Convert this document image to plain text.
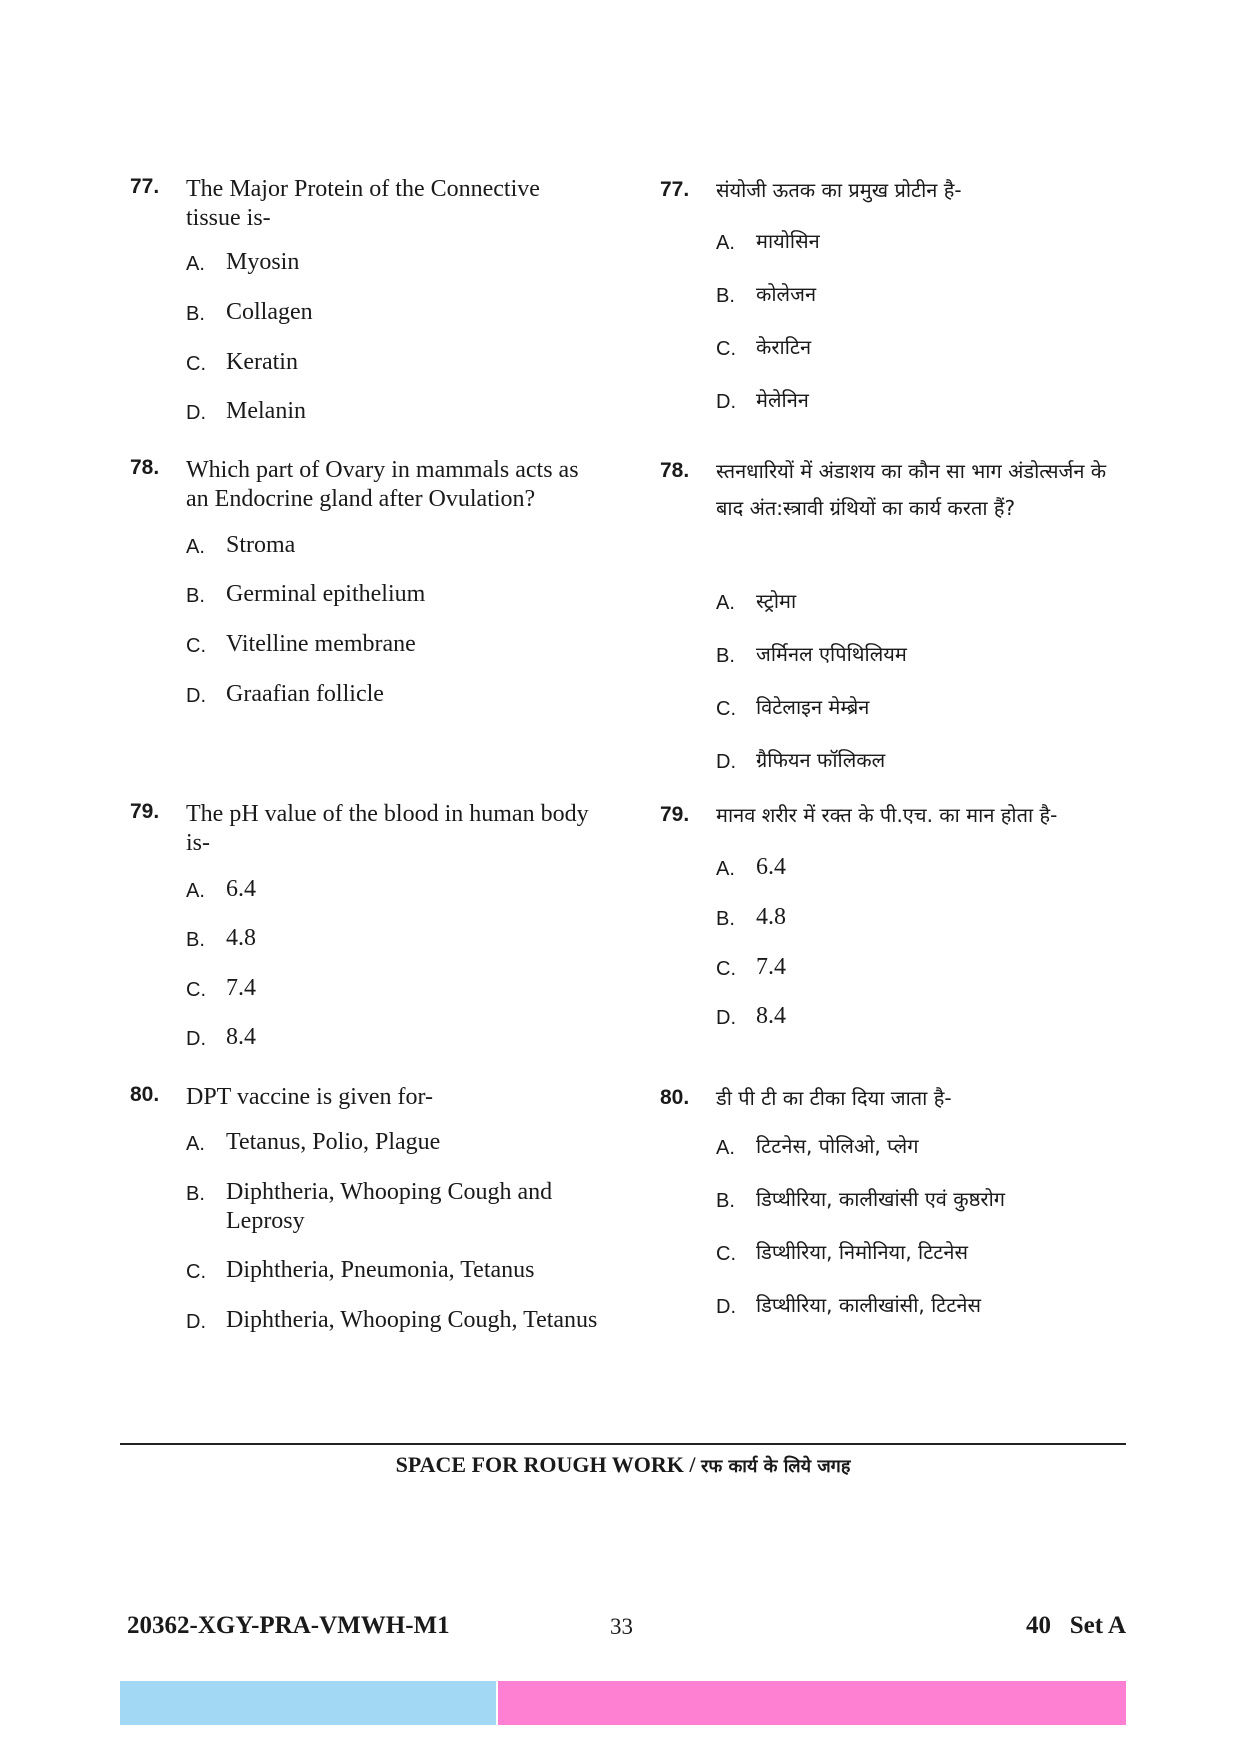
77. The Major Protein of the Connective tissue is-
A. Myosin
B. Collagen
C. Keratin
D. Melanin
78. Which part of Ovary in mammals acts as an Endocrine gland after Ovulation?
A. Stroma
B. Germinal epithelium
C. Vitelline membrane
D. Graafian follicle
79. The pH value of the blood in human body is-
A. 6.4
B. 4.8
C. 7.4
D. 8.4
80. DPT vaccine is given for-
A. Tetanus, Polio, Plague
B. Diphtheria, Whooping Cough and Leprosy
C. Diphtheria, Pneumonia, Tetanus
D. Diphtheria, Whooping Cough, Tetanus
77. संयोजी ऊतक का प्रमुख प्रोटीन है-
A. मायोसिन
B. कोलेजन
C. केराटिन
D. मेलेनिन
78. स्तनधारियों में अंडाशय का कौन सा भाग अंडोत्सर्जन के बाद अंत:स्त्रावी ग्रंथियों का कार्य करता हैं?
A. स्ट्रोमा
B. जर्मिनल एपिथिलियम
C. विटेलाइन मेम्ब्रेन
D. ग्रैफियन फॉलिकल
79. मानव शरीर में रक्त के पी.एच. का मान होता है-
A. 6.4
B. 4.8
C. 7.4
D. 8.4
80. डी पी टी का टीका दिया जाता है-
A. टिटनेस, पोलिओ, प्लेग
B. डिप्थीरिया, कालीखांसी एवं कुष्ठरोग
C. डिप्थीरिया, निमोनिया, टिटनेस
D. डिप्थीरिया, कालीखांसी, टिटनेस
SPACE FOR ROUGH WORK / रफ कार्य के लिये जगह
20362-XGY-PRA-VMWH-M1	33	40   Set A
